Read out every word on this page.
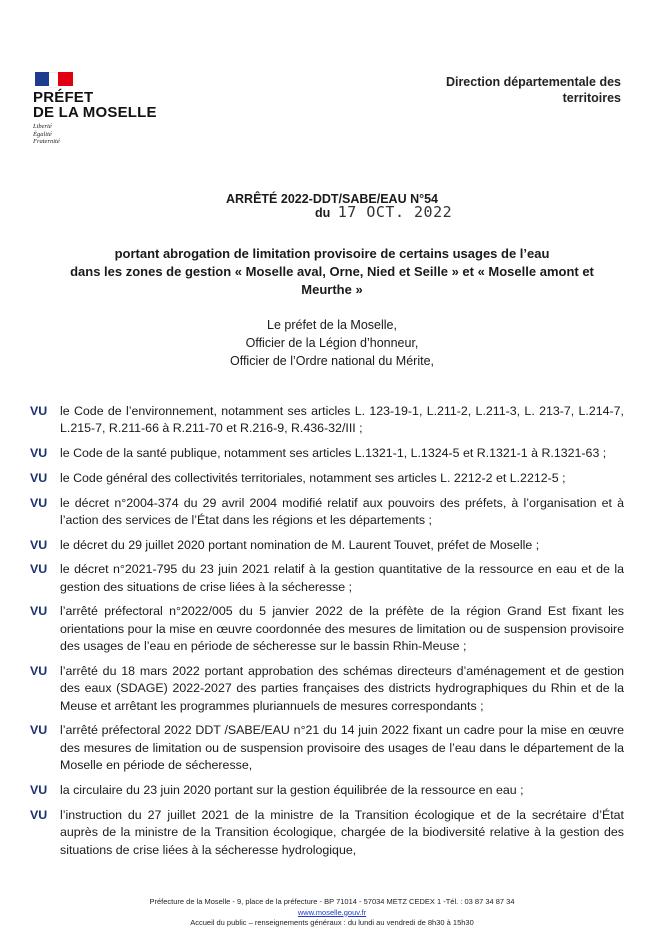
PRÉFET
DE LA MOSELLE
Liberté
Égalité
Fraternité
Direction départementale des
territoires
ARRÊTÉ 2022-DDT/SABE/EAU N°54
du 17 OCT. 2022
portant abrogation de limitation provisoire de certains usages de l’eau
dans les zones de gestion « Moselle aval, Orne, Nied et Seille » et « Moselle amont et
Meurthe »
Le préfet de la Moselle,
Officier de la Légion d’honneur,
Officier de l’Ordre national du Mérite,
VU	le Code de l’environnement, notamment ses articles L. 123-19-1, L.211-2, L.211-3, L. 213-7, L.214-7, L.215-7, R.211-66 à R.211-70 et R.216-9, R.436-32/III ;
VU	le Code de la santé publique, notamment ses articles L.1321-1, L.1324-5 et R.1321-1 à R.1321-63 ;
VU	le Code général des collectivités territoriales, notamment ses articles L. 2212-2 et L.2212-5 ;
VU	le décret n°2004-374 du 29 avril 2004 modifié relatif aux pouvoirs des préfets, à l’organisation et à l’action des services de l’État dans les régions et les départements ;
VU	le décret du 29 juillet 2020 portant nomination de M. Laurent Touvet, préfet de Moselle ;
VU	le décret n°2021-795 du 23 juin 2021 relatif à la gestion quantitative de la ressource en eau et de la gestion des situations de crise liées à la sécheresse ;
VU	l’arrêté préfectoral n°2022/005 du 5 janvier 2022 de la préfète de la région Grand Est fixant les orientations pour la mise en œuvre coordonnée des mesures de limitation ou de suspension provisoire des usages de l’eau en période de sécheresse sur le bassin Rhin-Meuse ;
VU	l’arrêté du 18 mars 2022 portant approbation des schémas directeurs d’aménagement et de gestion des eaux (SDAGE) 2022-2027 des parties françaises des districts hydrographiques du Rhin et de la Meuse et arrêtant les programmes pluriannuels de mesures correspondants ;
VU	l’arrêté préfectoral 2022 DDT /SABE/EAU n°21 du 14 juin 2022 fixant un cadre pour la mise en œuvre des mesures de limitation ou de suspension provisoire des usages de l’eau dans le département de la Moselle en période de sécheresse,
VU	la circulaire du 23 juin 2020 portant sur la gestion équilibrée de la ressource en eau ;
VU	l’instruction du 27 juillet 2021 de la ministre de la Transition écologique et de la secrétaire d’État auprès de la ministre de la Transition écologique, chargée de la biodiversité relative à la gestion des situations de crise liées à la sécheresse hydrologique,
Préfecture de la Moselle - 9, place de la préfecture - BP 71014 - 57034 METZ CEDEX 1 -Tél. : 03 87 34 87 34
www.moselle.gouv.fr
Accueil du public – renseignements généraux : du lundi au vendredi de 8h30 à 15h30
